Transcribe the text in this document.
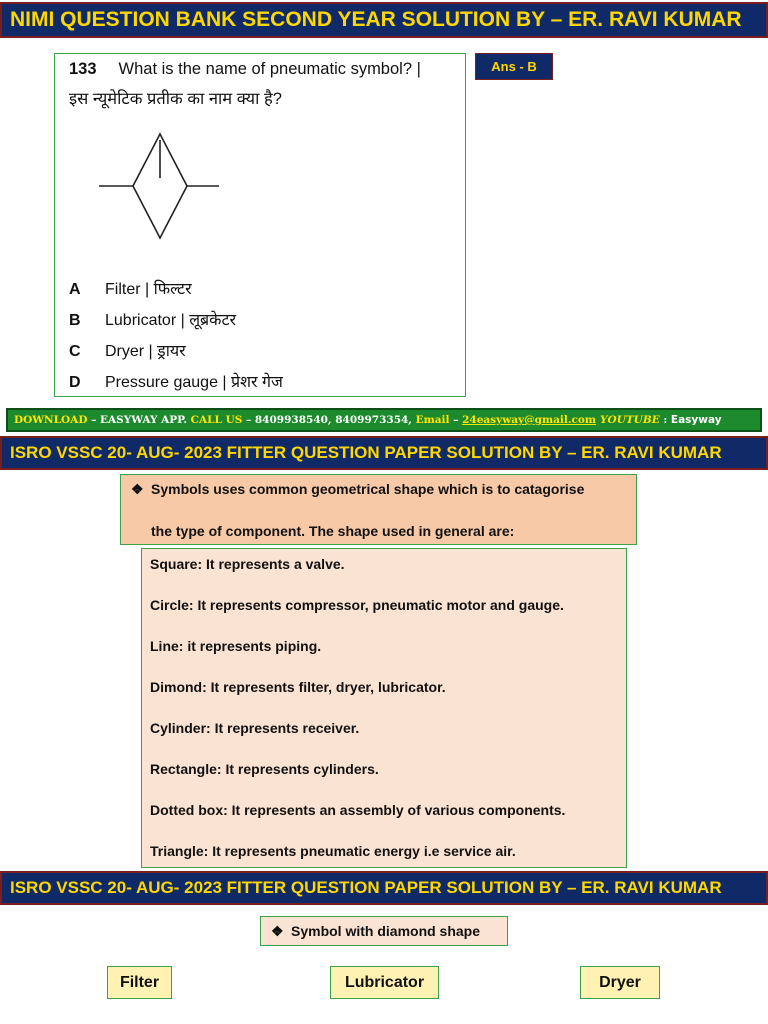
NIMI QUESTION BANK SECOND YEAR SOLUTION BY – ER. RAVI KUMAR
133 What is the name of pneumatic symbol? |
इस न्यूमेटिक प्रतीक का नाम क्या है?
A Filter | फिल्टर
B Lubricator | लूब्रकेटर
C Dryer | ड्रायर
D Pressure gauge | प्रेशर गेज
Ans - B
DOWNLOAD – EASYWAY APP. CALL US – 8409938540, 8409973354, Email – 24easyway@gmail.com YOUTUBE : Easyway
ISRO VSSC 20- AUG- 2023 FITTER QUESTION PAPER SOLUTION BY – ER. RAVI KUMAR
❖ Symbols uses common geometrical shape which is to catagorise
the type of component. The shape used in general are:
Square: It represents a valve.
Circle: It represents compressor, pneumatic motor and gauge.
Line: it represents piping.
Dimond: It represents filter, dryer, lubricator.
Cylinder: It represents receiver.
Rectangle: It represents cylinders.
Dotted box: It represents an assembly of various components.
Triangle: It represents pneumatic energy i.e service air.
ISRO VSSC 20- AUG- 2023 FITTER QUESTION PAPER SOLUTION BY – ER. RAVI KUMAR
❖ Symbol with diamond shape
Filter	Lubricator	Dryer
